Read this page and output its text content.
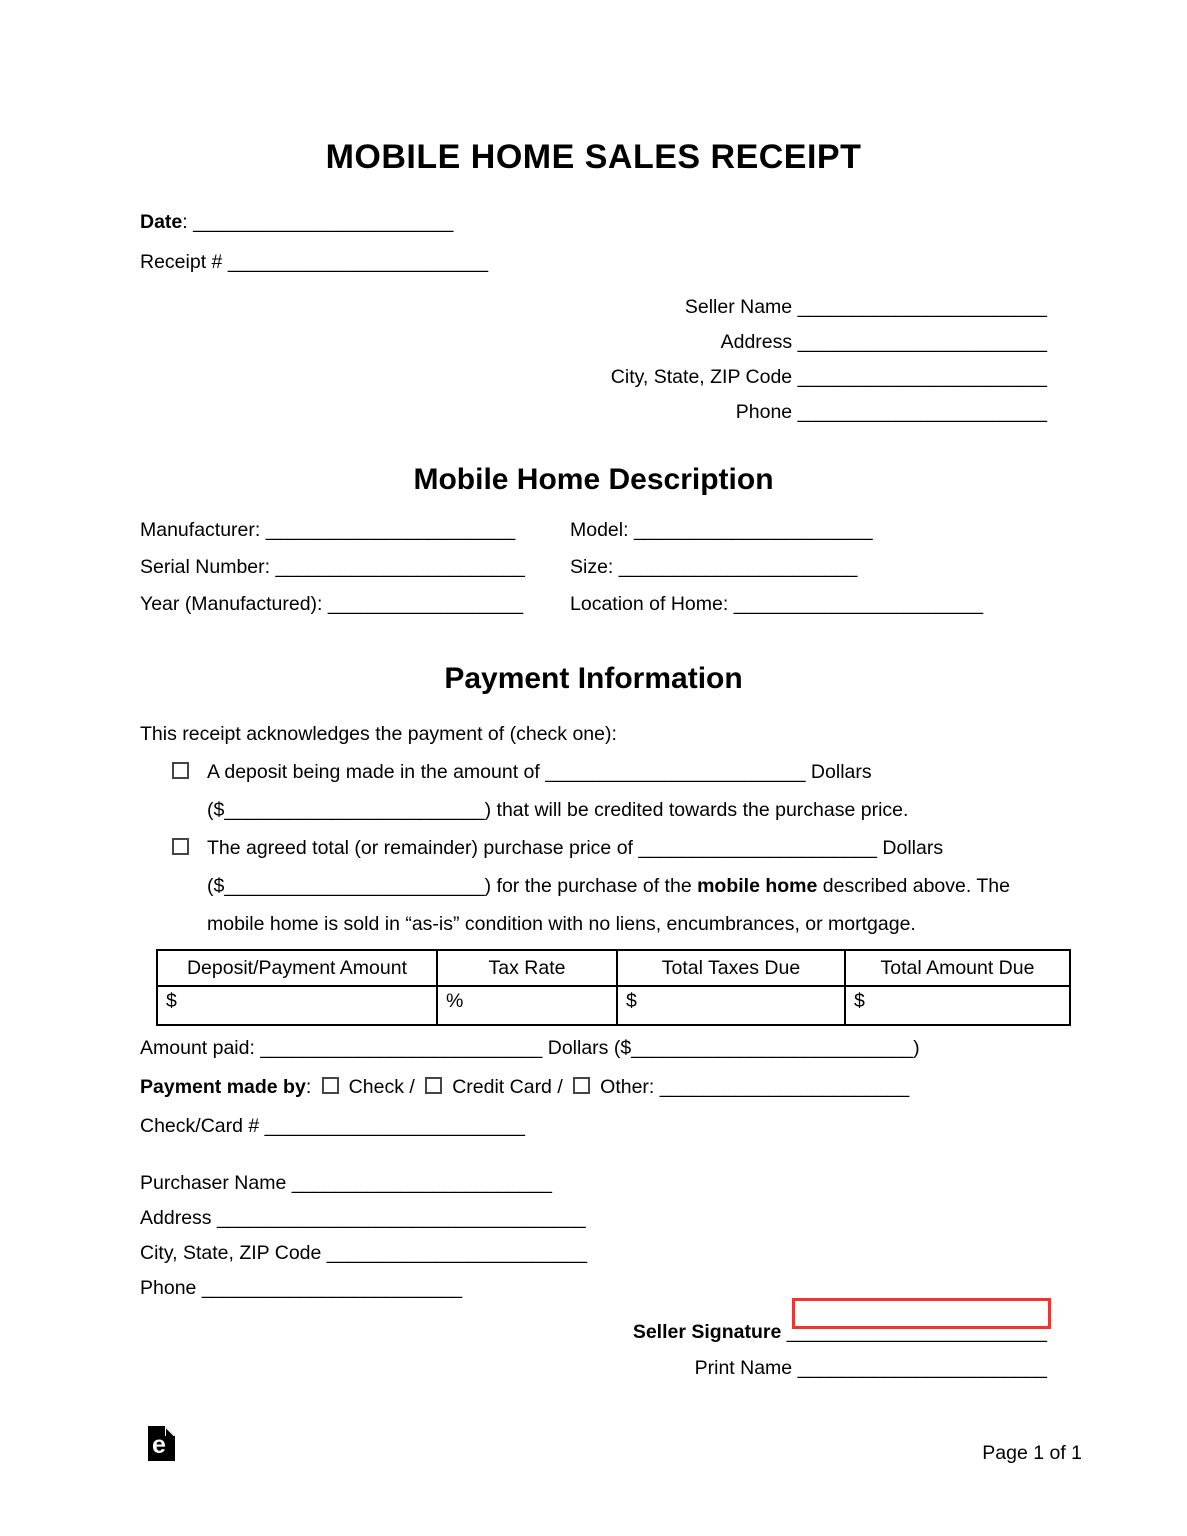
MOBILE HOME SALES RECEIPT
Date: ________________________
Receipt # ________________________
Seller Name _______________________
Address _______________________
City, State, ZIP Code _______________________
Phone _______________________
Mobile Home Description
Manufacturer: _______________________	Model: ______________________
Serial Number: _______________________	Size: ______________________
Year (Manufactured): __________________	Location of Home: _______________________
Payment Information
This receipt acknowledges the payment of (check one):
A deposit being made in the amount of ________________________ Dollars
($________________________) that will be credited towards the purchase price.
The agreed total (or remainder) purchase price of ______________________ Dollars
($________________________) for the purchase of the mobile home described above. The
mobile home is sold in “as-is” condition with no liens, encumbrances, or mortgage.
Deposit/Payment Amount	Tax Rate	Total Taxes Due	Total Amount Due
$	%	$	$
Amount paid: __________________________ Dollars ($__________________________)
Payment made by: Check / Credit Card / Other: _______________________
Check/Card # ________________________
Purchaser Name ________________________
Address __________________________________
City, State, ZIP Code ________________________
Phone ________________________
Seller Signature ________________________
Print Name _______________________
e	Page 1 of 1
